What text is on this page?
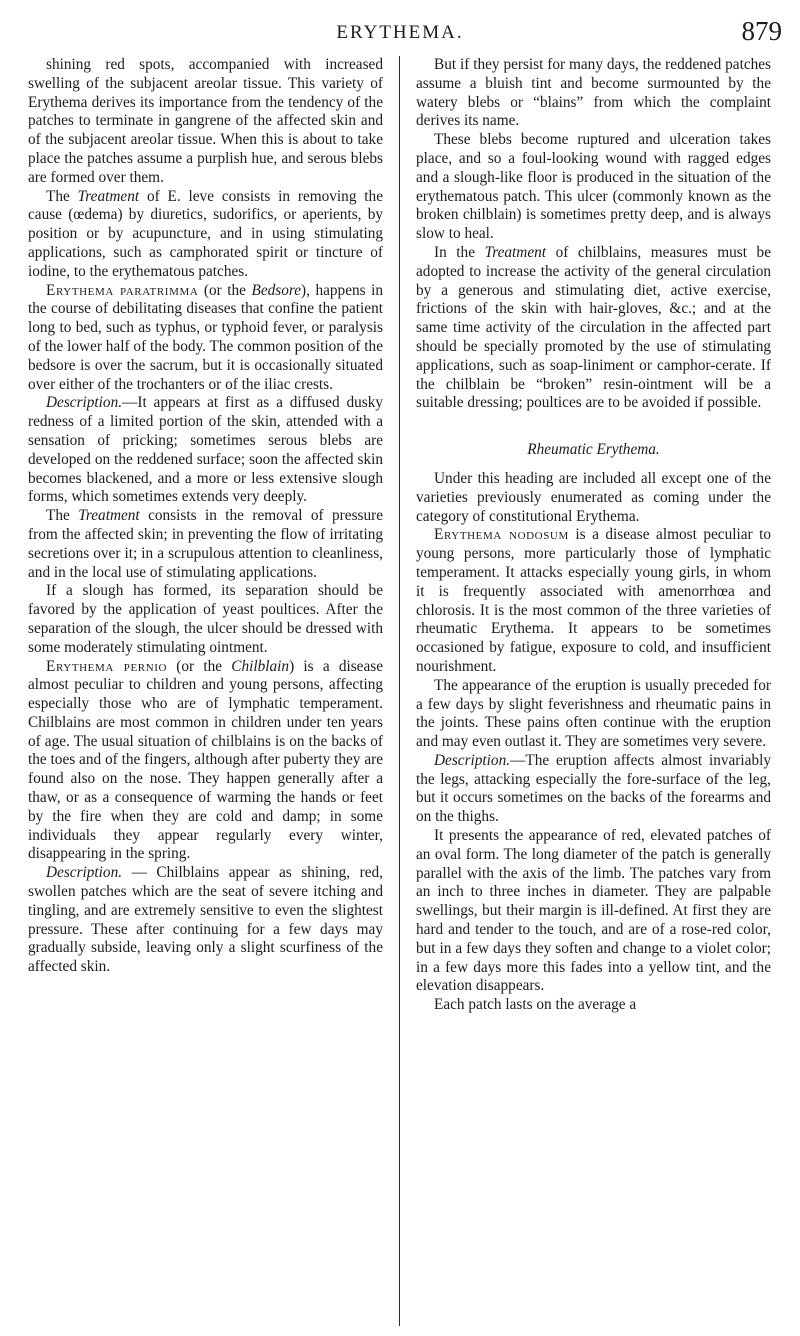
ERYTHEMA.	879

shining red spots, accompanied with increased swelling of the subjacent areolar tissue. This variety of Erythema derives its importance from the tendency of the patches to terminate in gangrene of the affected skin and of the subjacent areolar tissue. When this is about to take place the patches assume a purplish hue, and serous blebs are formed over them.

The Treatment of E. leve consists in removing the cause (œdema) by diuretics, sudorifics, or aperients, by position or by acupuncture, and in using stimulating applications, such as camphorated spirit or tincture of iodine, to the erythematous patches.

Erythema paratrimma (or the Bedsore), happens in the course of debilitating diseases that confine the patient long to bed, such as typhus, or typhoid fever, or paralysis of the lower half of the body. The common position of the bedsore is over the sacrum, but it is occasionally situated over either of the trochanters or of the iliac crests.

Description.—It appears at first as a diffused dusky redness of a limited portion of the skin, attended with a sensation of pricking; sometimes serous blebs are developed on the reddened surface; soon the affected skin becomes blackened, and a more or less extensive slough forms, which sometimes extends very deeply.

The Treatment consists in the removal of pressure from the affected skin; in preventing the flow of irritating secretions over it; in a scrupulous attention to cleanliness, and in the local use of stimulating applications.

If a slough has formed, its separation should be favored by the application of yeast poultices. After the separation of the slough, the ulcer should be dressed with some moderately stimulating ointment.

Erythema pernio (or the Chilblain) is a disease almost peculiar to children and young persons, affecting especially those who are of lymphatic temperament. Chilblains are most common in children under ten years of age. The usual situation of chilblains is on the backs of the toes and of the fingers, although after puberty they are found also on the nose. They happen generally after a thaw, or as a consequence of warming the hands or feet by the fire when they are cold and damp; in some individuals they appear regularly every winter, disappearing in the spring.

Description. — Chilblains appear as shining, red, swollen patches which are the seat of severe itching and tingling, and are extremely sensitive to even the slightest pressure. These after continuing for a few days may gradually subside, leaving only a slight scurfiness of the affected skin.

But if they persist for many days, the reddened patches assume a bluish tint and become surmounted by the watery blebs or “blains” from which the complaint derives its name.

These blebs become ruptured and ulceration takes place, and so a foul-looking wound with ragged edges and a slough-like floor is produced in the situation of the erythematous patch. This ulcer (commonly known as the broken chilblain) is sometimes pretty deep, and is always slow to heal.

In the Treatment of chilblains, measures must be adopted to increase the activity of the general circulation by a generous and stimulating diet, active exercise, frictions of the skin with hair-gloves, &c.; and at the same time activity of the circulation in the affected part should be specially promoted by the use of stimulating applications, such as soap-liniment or camphor-cerate. If the chilblain be “broken” resin-ointment will be a suitable dressing; poultices are to be avoided if possible.

Rheumatic Erythema.

Under this heading are included all except one of the varieties previously enumerated as coming under the category of constitutional Erythema.

Erythema nodosum is a disease almost peculiar to young persons, more particularly those of lymphatic temperament. It attacks especially young girls, in whom it is frequently associated with amenorrhœa and chlorosis. It is the most common of the three varieties of rheumatic Erythema. It appears to be sometimes occasioned by fatigue, exposure to cold, and insufficient nourishment.

The appearance of the eruption is usually preceded for a few days by slight feverishness and rheumatic pains in the joints. These pains often continue with the eruption and may even outlast it. They are sometimes very severe.

Description.—The eruption affects almost invariably the legs, attacking especially the fore-surface of the leg, but it occurs sometimes on the backs of the forearms and on the thighs.

It presents the appearance of red, elevated patches of an oval form. The long diameter of the patch is generally parallel with the axis of the limb. The patches vary from an inch to three inches in diameter. They are palpable swellings, but their margin is ill-defined. At first they are hard and tender to the touch, and are of a rose-red color, but in a few days they soften and change to a violet color; in a few days more this fades into a yellow tint, and the elevation disappears.

Each patch lasts on the average a
